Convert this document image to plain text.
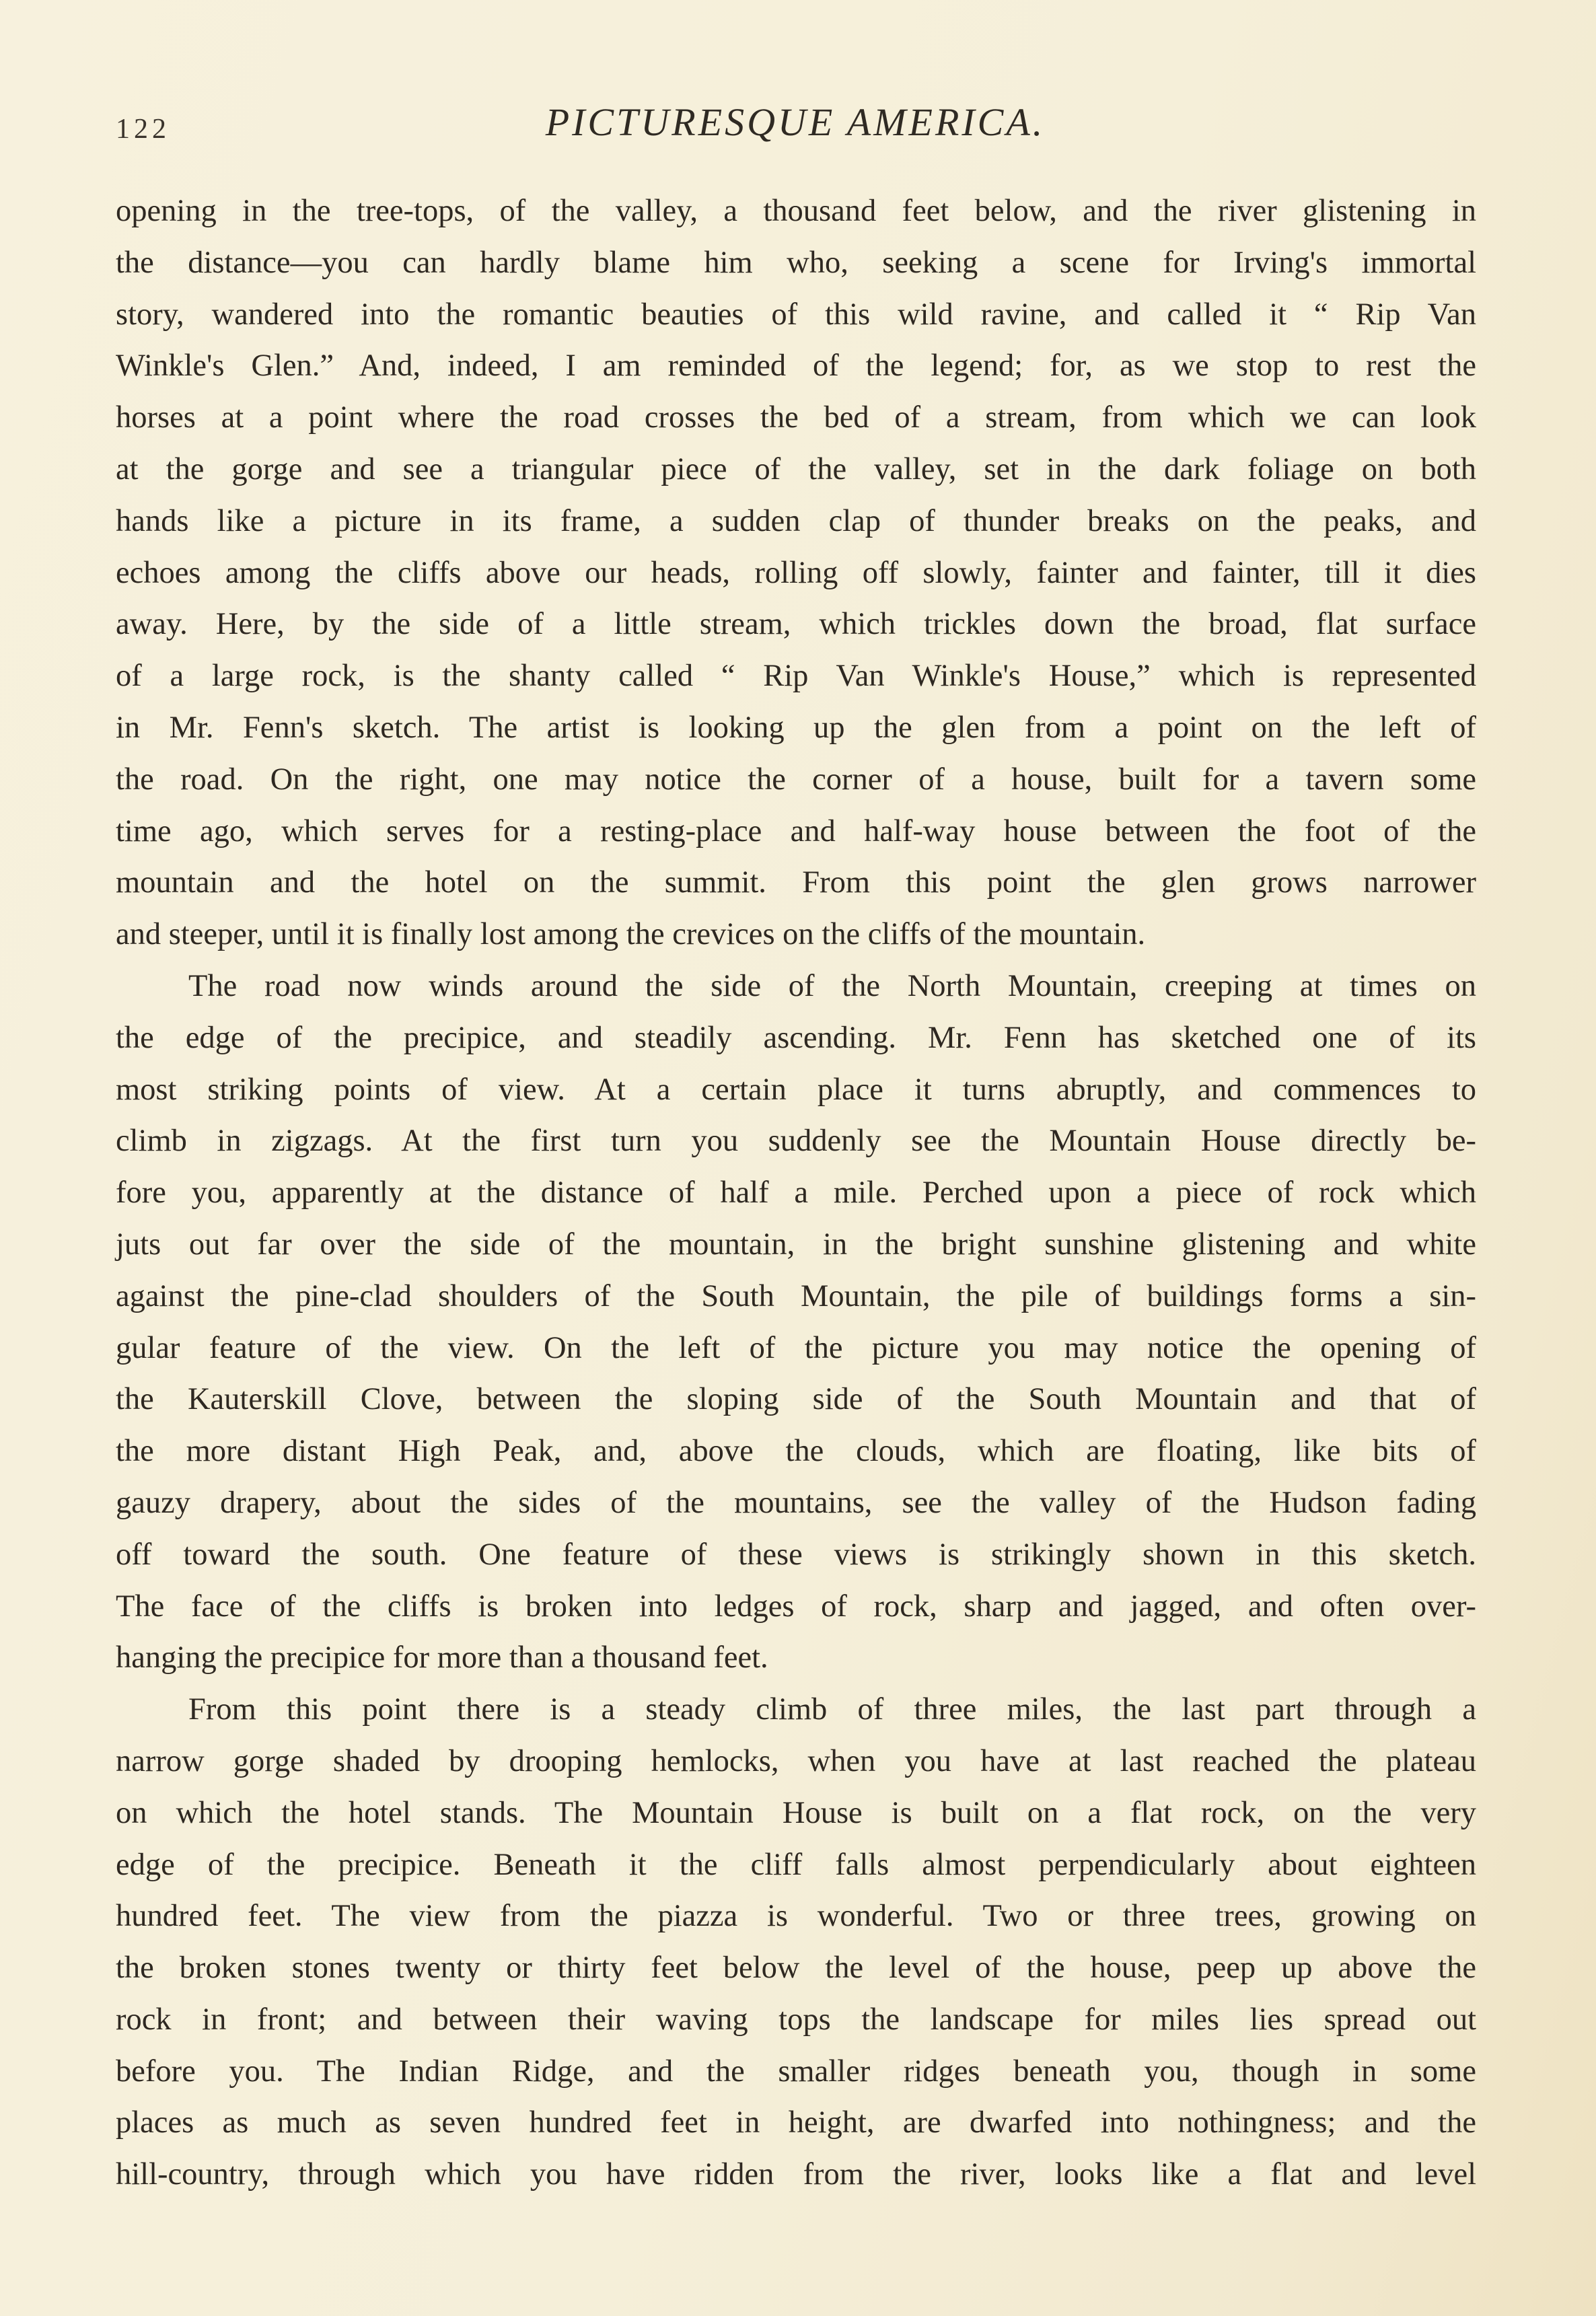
122	PICTURESQUE AMERICA.

opening in the tree-tops, of the valley, a thousand feet below, and the river glistening in

the distance—you can hardly blame him who, seeking a scene for Irving's immortal

story, wandered into the romantic beauties of this wild ravine, and called it “ Rip Van

Winkle's Glen.” And, indeed, I am reminded of the legend; for, as we stop to rest the

horses at a point where the road crosses the bed of a stream, from which we can look

at the gorge and see a triangular piece of the valley, set in the dark foliage on both

hands like a picture in its frame, a sudden clap of thunder breaks on the peaks, and

echoes among the cliffs above our heads, rolling off slowly, fainter and fainter, till it dies

away. Here, by the side of a little stream, which trickles down the broad, flat surface

of a large rock, is the shanty called “ Rip Van Winkle's House,” which is represented

in Mr. Fenn's sketch. The artist is looking up the glen from a point on the left of

the road. On the right, one may notice the corner of a house, built for a tavern some

time ago, which serves for a resting-place and half-way house between the foot of the

mountain and the hotel on the summit. From this point the glen grows narrower

and steeper, until it is finally lost among the crevices on the cliffs of the mountain.

The road now winds around the side of the North Mountain, creeping at times on

the edge of the precipice, and steadily ascending. Mr. Fenn has sketched one of its

most striking points of view. At a certain place it turns abruptly, and commences to

climb in zigzags. At the first turn you suddenly see the Mountain House directly be-

fore you, apparently at the distance of half a mile. Perched upon a piece of rock which

juts out far over the side of the mountain, in the bright sunshine glistening and white

against the pine-clad shoulders of the South Mountain, the pile of buildings forms a sin-

gular feature of the view. On the left of the picture you may notice the opening of

the Kauterskill Clove, between the sloping side of the South Mountain and that of

the more distant High Peak, and, above the clouds, which are floating, like bits of

gauzy drapery, about the sides of the mountains, see the valley of the Hudson fading

off toward the south. One feature of these views is strikingly shown in this sketch.

The face of the cliffs is broken into ledges of rock, sharp and jagged, and often over-

hanging the precipice for more than a thousand feet.

From this point there is a steady climb of three miles, the last part through a

narrow gorge shaded by drooping hemlocks, when you have at last reached the plateau

on which the hotel stands. The Mountain House is built on a flat rock, on the very

edge of the precipice. Beneath it the cliff falls almost perpendicularly about eighteen

hundred feet. The view from the piazza is wonderful. Two or three trees, growing on

the broken stones twenty or thirty feet below the level of the house, peep up above the

rock in front; and between their waving tops the landscape for miles lies spread out

before you. The Indian Ridge, and the smaller ridges beneath you, though in some

places as much as seven hundred feet in height, are dwarfed into nothingness; and the

hill-country, through which you have ridden from the river, looks like a flat and level
